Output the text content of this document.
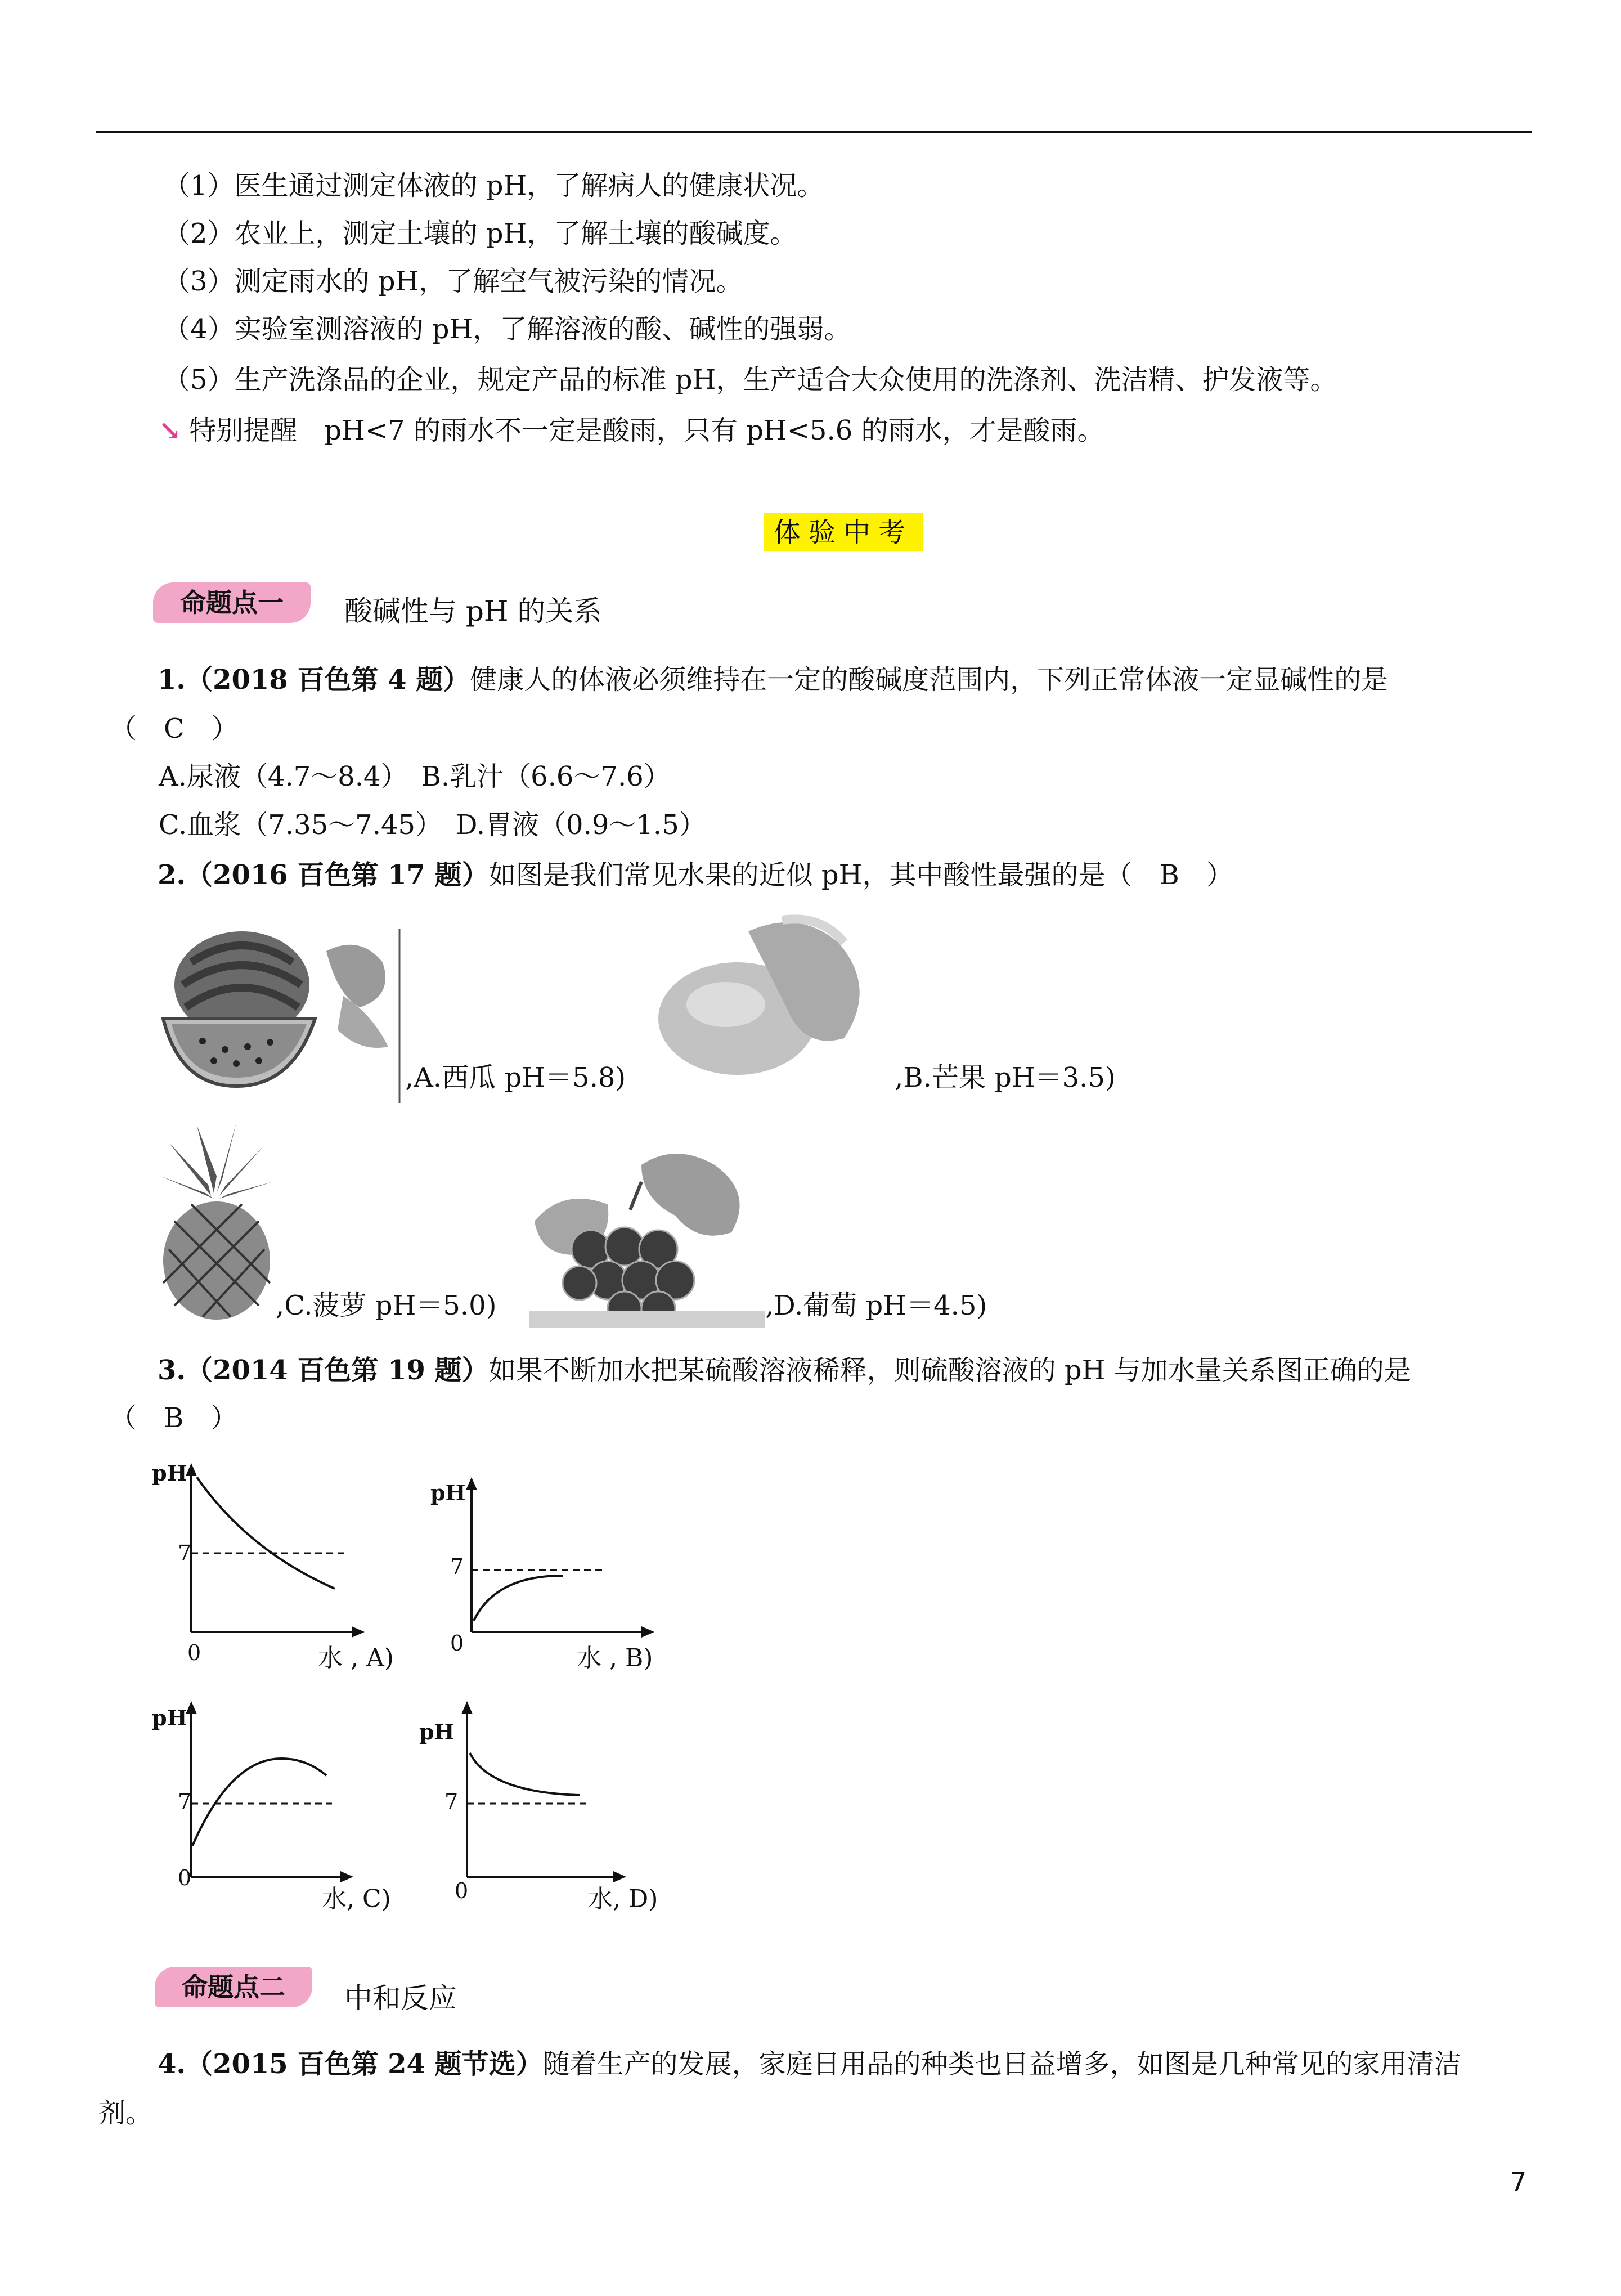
（1）医生通过测定体液的 pH，了解病人的健康状况。
（2）农业上，测定土壤的 pH，了解土壤的酸碱度。
（3）测定雨水的 pH，了解空气被污染的情况。
（4）实验室测溶液的 pH，了解溶液的酸、碱性的强弱。
（5）生产洗涤品的企业，规定产品的标准 pH，生产适合大众使用的洗涤剂、洗洁精、护发液等。
↘ 特别提醒　 pH<7 的雨水不一定是酸雨，只有 pH<5.6 的雨水，才是酸雨。
体验中考
命题点一	酸碱性与 pH 的关系
1.（2018 百色第 4 题）健康人的体液必须维持在一定的酸碱度范围内，下列正常体液一定显碱性的是
（　C　）
A.尿液（4.7～8.4）　B.乳汁（6.6～7.6）
C.血浆（7.35～7.45）　D.胃液（0.9～1.5）
2.（2016 百色第 17 题）如图是我们常见水果的近似 pH，其中酸性最强的是（　B　）
,A.西瓜 pH＝5.8)	,B.芒果 pH＝3.5)
,C.菠萝 pH＝5.0)	,D.葡萄 pH＝4.5)
3.（2014 百色第 19 题）如果不断加水把某硫酸溶液稀释，则硫酸溶液的 pH 与加水量关系图正确的是
（　B　）
pH
7
0	水 , A)
pH
7
0
水 , B)
pH
7
0
水, C)
pH
7
0	水, D)
命题点二	中和反应
4.（2015 百色第 24 题节选）随着生产的发展，家庭日用品的种类也日益增多，如图是几种常见的家用清洁
剂。
7
